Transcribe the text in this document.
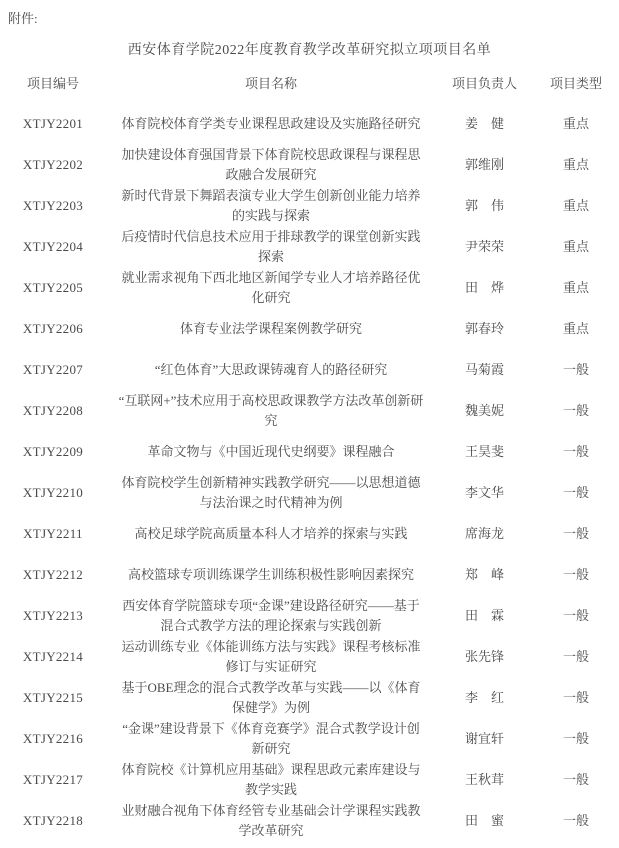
附件:
西安体育学院2022年度教育教学改革研究拟立项项目名单
项目编号	项目名称	项目负责人	项目类型
XTJY2201	体育院校体育学类专业课程思政建设及实施路径研究	姜　健	重点
XTJY2202	加快建设体育强国背景下体育院校思政课程与课程思政融合发展研究	郭维刚	重点
XTJY2203	新时代背景下舞蹈表演专业大学生创新创业能力培养的实践与探索	郭　伟	重点
XTJY2204	后疫情时代信息技术应用于排球教学的课堂创新实践探索	尹荣荣	重点
XTJY2205	就业需求视角下西北地区新闻学专业人才培养路径优化研究	田　烨	重点
XTJY2206	体育专业法学课程案例教学研究	郭春玲	重点
XTJY2207	“红色体育”大思政课铸魂育人的路径研究	马菊霞	一般
XTJY2208	“互联网+”技术应用于高校思政课教学方法改革创新研究	魏美妮	一般
XTJY2209	革命文物与《中国近现代史纲要》课程融合	王昊斐	一般
XTJY2210	体育院校学生创新精神实践教学研究——以思想道德与法治课之时代精神为例	李文华	一般
XTJY2211	高校足球学院高质量本科人才培养的探索与实践	席海龙	一般
XTJY2212	高校篮球专项训练课学生训练积极性影响因素探究	郑　峰	一般
XTJY2213	西安体育学院篮球专项“金课”建设路径研究——基于混合式教学方法的理论探索与实践创新	田　霖	一般
XTJY2214	运动训练专业《体能训练方法与实践》课程考核标准修订与实证研究	张先锋	一般
XTJY2215	基于OBE理念的混合式教学改革与实践——以《体育保健学》为例	李　红	一般
XTJY2216	“金课”建设背景下《体育竞赛学》混合式教学设计创新研究	谢宜轩	一般
XTJY2217	体育院校《计算机应用基础》课程思政元素库建设与教学实践	王秋茸	一般
XTJY2218	业财融合视角下体育经管专业基础会计学课程实践教学改革研究	田　蜜	一般
